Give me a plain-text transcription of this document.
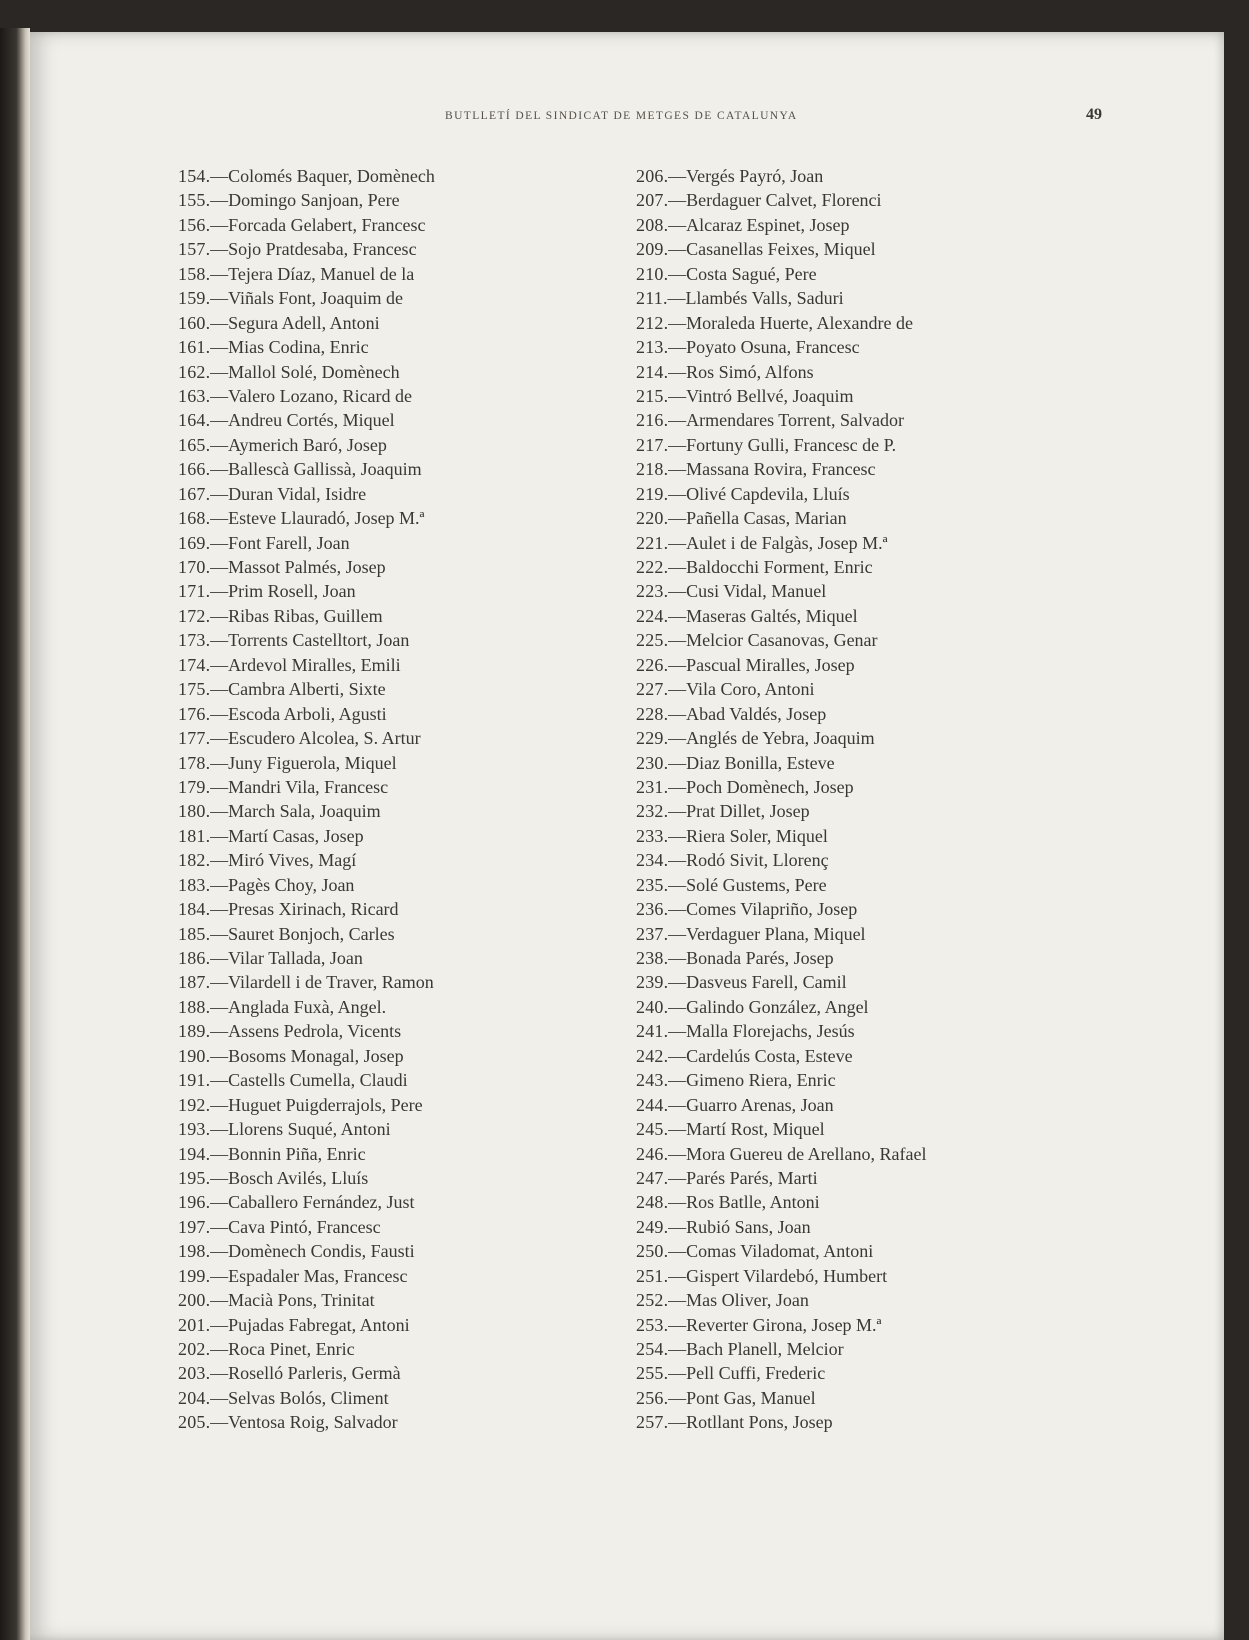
BUTLLETÍ DEL SINDICAT DE METGES DE CATALUNYA	49
154.—Colomés Baquer, Domènech
155.—Domingo Sanjoan, Pere
156.—Forcada Gelabert, Francesc
157.—Sojo Pratdesaba, Francesc
158.—Tejera Díaz, Manuel de la
159.—Viñals Font, Joaquim de
160.—Segura Adell, Antoni
161.—Mias Codina, Enric
162.—Mallol Solé, Domènech
163.—Valero Lozano, Ricard de
164.—Andreu Cortés, Miquel
165.—Aymerich Baró, Josep
166.—Ballescà Gallissà, Joaquim
167.—Duran Vidal, Isidre
168.—Esteve Llauradó, Josep M.ª
169.—Font Farell, Joan
170.—Massot Palmés, Josep
171.—Prim Rosell, Joan
172.—Ribas Ribas, Guillem
173.—Torrents Castelltort, Joan
174.—Ardevol Miralles, Emili
175.—Cambra Alberti, Sixte
176.—Escoda Arboli, Agusti
177.—Escudero Alcolea, S. Artur
178.—Juny Figuerola, Miquel
179.—Mandri Vila, Francesc
180.—March Sala, Joaquim
181.—Martí Casas, Josep
182.—Miró Vives, Magí
183.—Pagès Choy, Joan
184.—Presas Xirinach, Ricard
185.—Sauret Bonjoch, Carles
186.—Vilar Tallada, Joan
187.—Vilardell i de Traver, Ramon
188.—Anglada Fuxà, Angel.
189.—Assens Pedrola, Vicents
190.—Bosoms Monagal, Josep
191.—Castells Cumella, Claudi
192.—Huguet Puigderrajols, Pere
193.—Llorens Suqué, Antoni
194.—Bonnin Piña, Enric
195.—Bosch Avilés, Lluís
196.—Caballero Fernández, Just
197.—Cava Pintó, Francesc
198.—Domènech Condis, Fausti
199.—Espadaler Mas, Francesc
200.—Macià Pons, Trinitat
201.—Pujadas Fabregat, Antoni
202.—Roca Pinet, Enric
203.—Roselló Parleris, Germà
204.—Selvas Bolós, Climent
205.—Ventosa Roig, Salvador
206.—Vergés Payró, Joan
207.—Berdaguer Calvet, Florenci
208.—Alcaraz Espinet, Josep
209.—Casanellas Feixes, Miquel
210.—Costa Sagué, Pere
211.—Llambés Valls, Saduri
212.—Moraleda Huerte, Alexandre de
213.—Poyato Osuna, Francesc
214.—Ros Simó, Alfons
215.—Vintró Bellvé, Joaquim
216.—Armendares Torrent, Salvador
217.—Fortuny Gulli, Francesc de P.
218.—Massana Rovira, Francesc
219.—Olivé Capdevila, Lluís
220.—Pañella Casas, Marian
221.—Aulet i de Falgàs, Josep M.ª
222.—Baldocchi Forment, Enric
223.—Cusi Vidal, Manuel
224.—Maseras Galtés, Miquel
225.—Melcior Casanovas, Genar
226.—Pascual Miralles, Josep
227.—Vila Coro, Antoni
228.—Abad Valdés, Josep
229.—Anglés de Yebra, Joaquim
230.—Diaz Bonilla, Esteve
231.—Poch Domènech, Josep
232.—Prat Dillet, Josep
233.—Riera Soler, Miquel
234.—Rodó Sivit, Llorenç
235.—Solé Gustems, Pere
236.—Comes Vilapriño, Josep
237.—Verdaguer Plana, Miquel
238.—Bonada Parés, Josep
239.—Dasveus Farell, Camil
240.—Galindo González, Angel
241.—Malla Florejachs, Jesús
242.—Cardelús Costa, Esteve
243.—Gimeno Riera, Enric
244.—Guarro Arenas, Joan
245.—Martí Rost, Miquel
246.—Mora Guereu de Arellano, Rafael
247.—Parés Parés, Marti
248.—Ros Batlle, Antoni
249.—Rubió Sans, Joan
250.—Comas Viladomat, Antoni
251.—Gispert Vilardebó, Humbert
252.—Mas Oliver, Joan
253.—Reverter Girona, Josep M.ª
254.—Bach Planell, Melcior
255.—Pell Cuffi, Frederic
256.—Pont Gas, Manuel
257.—Rotllant Pons, Josep
